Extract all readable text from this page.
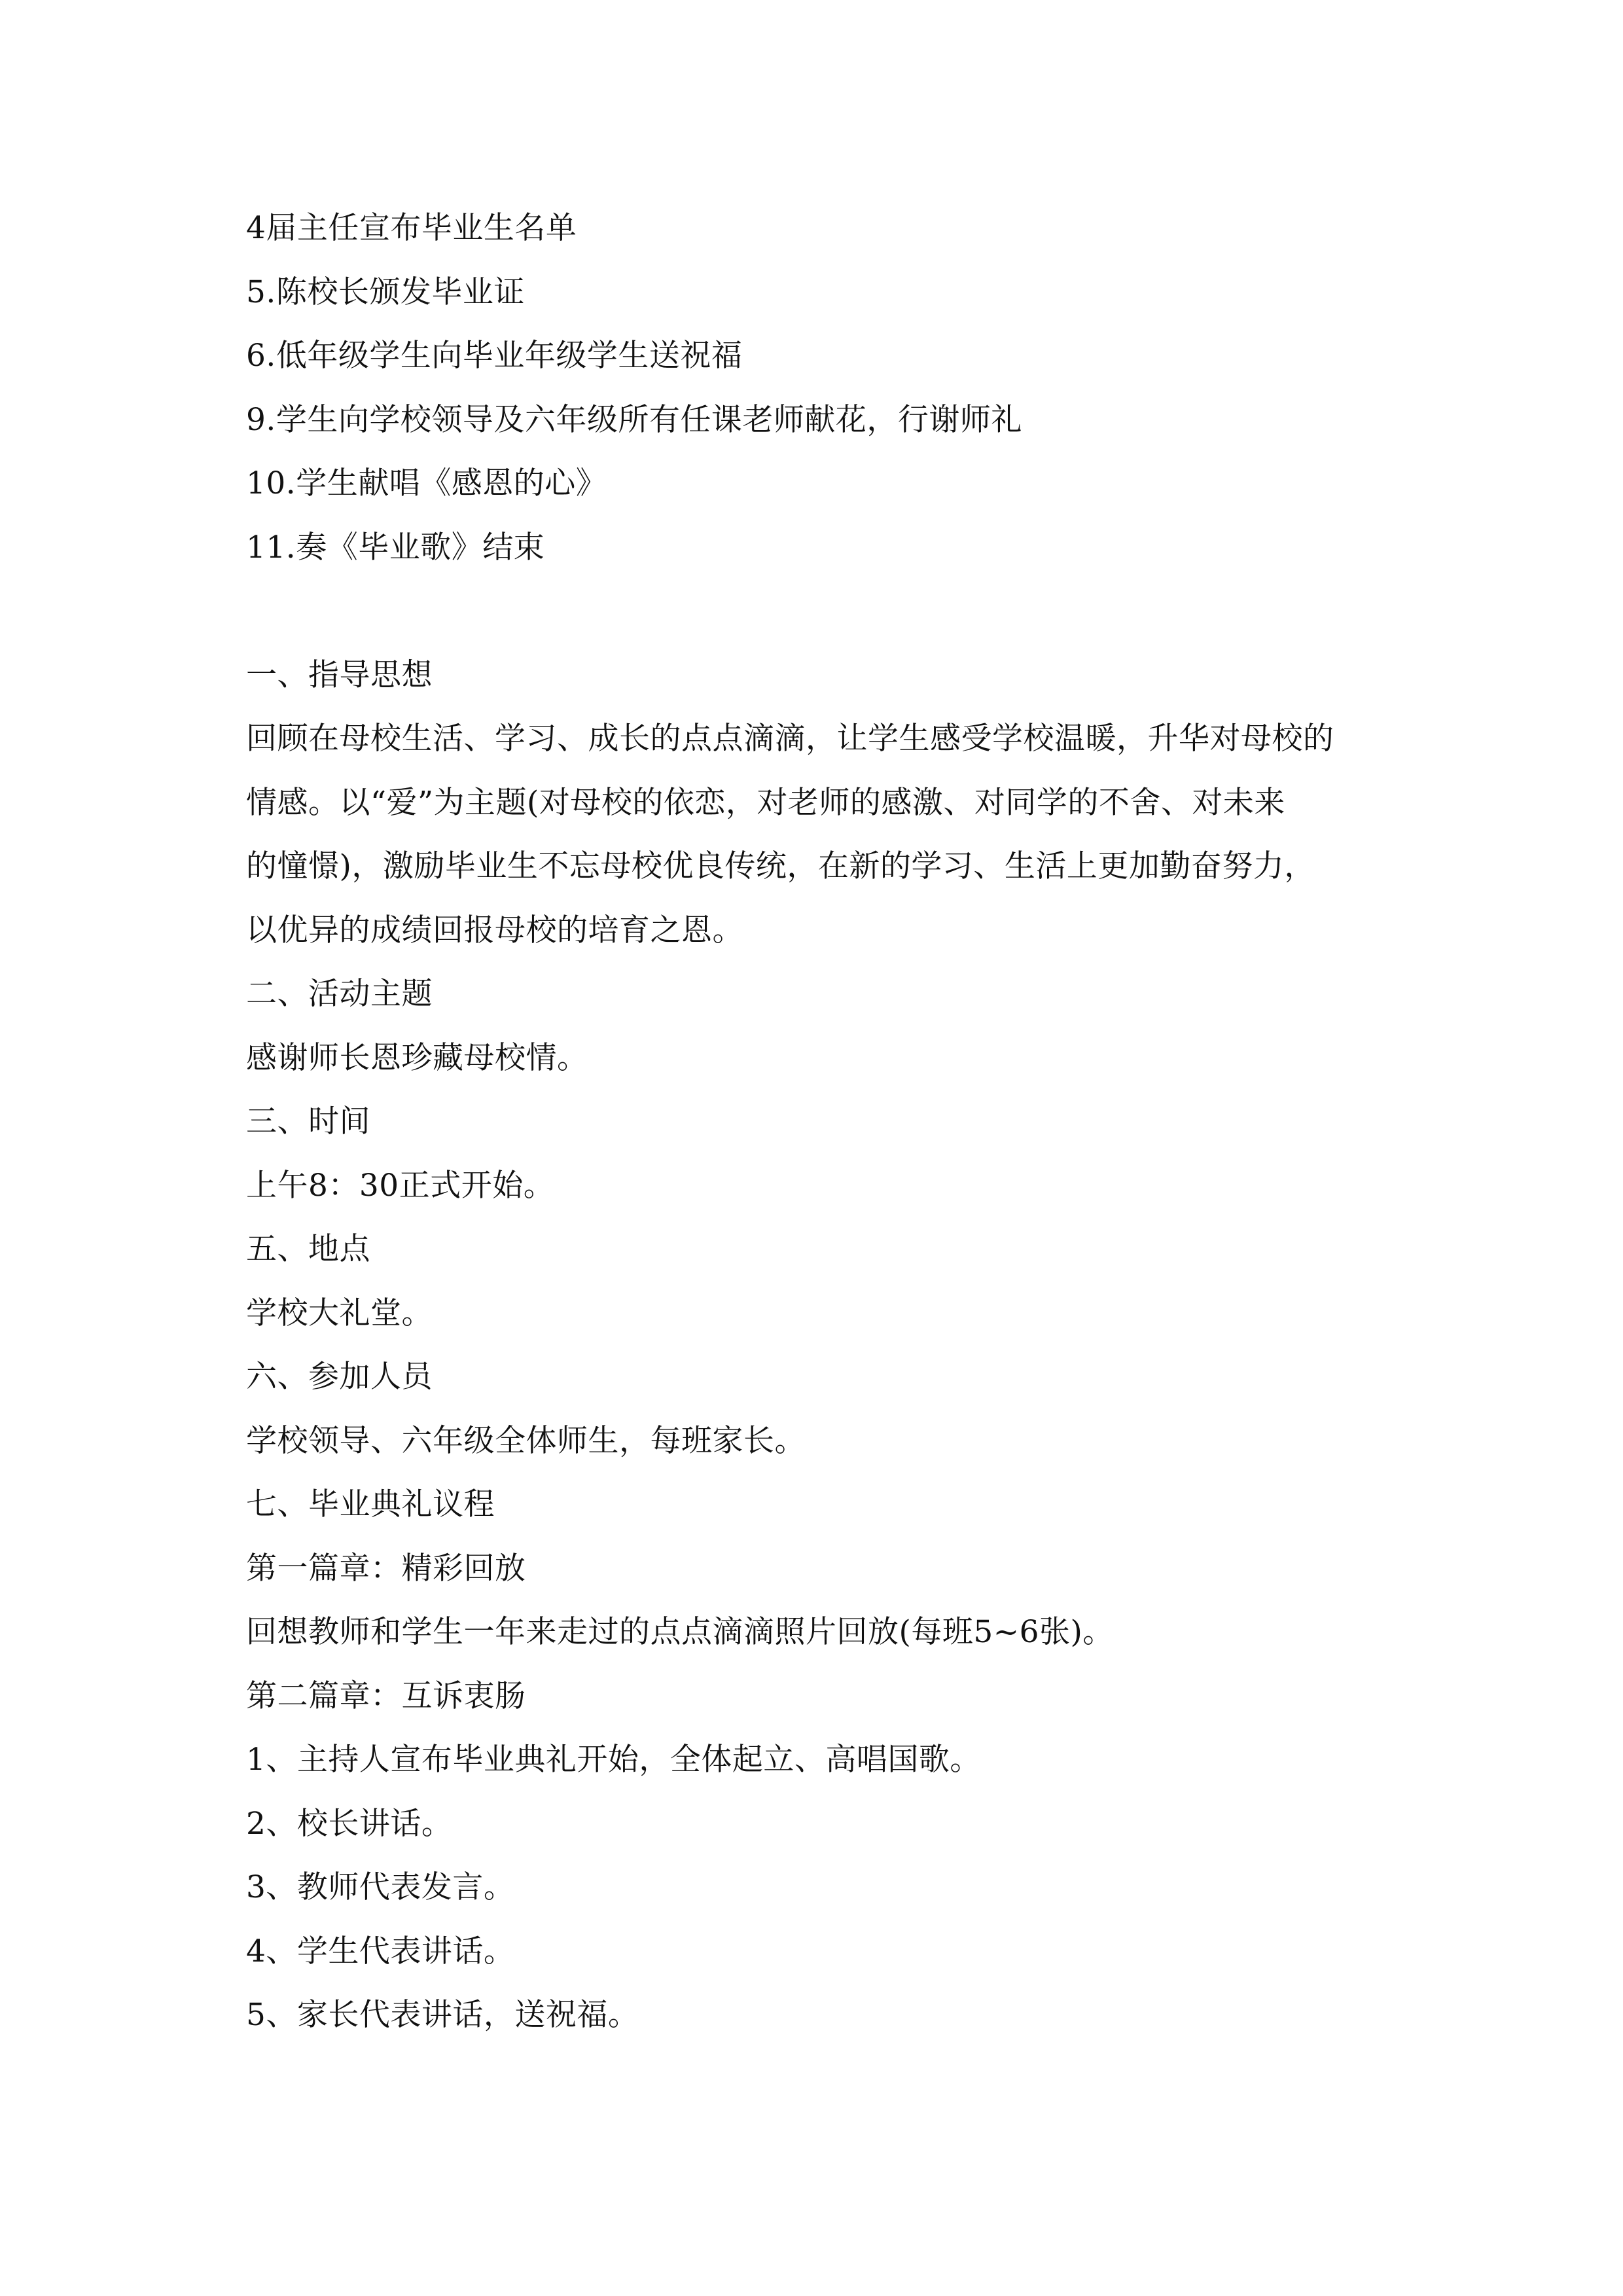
4届主任宣布毕业生名单
5.陈校长颁发毕业证
6.低年级学生向毕业年级学生送祝福
9.学生向学校领导及六年级所有任课老师献花，行谢师礼
10.学生献唱《感恩的心》
11.奏《毕业歌》结束
一、指导思想
回顾在母校生活、学习、成长的点点滴滴，让学生感受学校温暖，升华对母校的
情感。以“爱”为主题(对母校的依恋，对老师的感激、对同学的不舍、对未来
的憧憬)，激励毕业生不忘母校优良传统，在新的学习、生活上更加勤奋努力，
以优异的成绩回报母校的培育之恩。
二、活动主题
感谢师长恩珍藏母校情。
三、时间
上午8：30正式开始。
五、地点
学校大礼堂。
六、参加人员
学校领导、六年级全体师生，每班家长。
七、毕业典礼议程
第一篇章：精彩回放
回想教师和学生一年来走过的点点滴滴照片回放(每班5~6张)。
第二篇章：互诉衷肠
1、主持人宣布毕业典礼开始，全体起立、高唱国歌。
2、校长讲话。
3、教师代表发言。
4、学生代表讲话。
5、家长代表讲话，送祝福。
